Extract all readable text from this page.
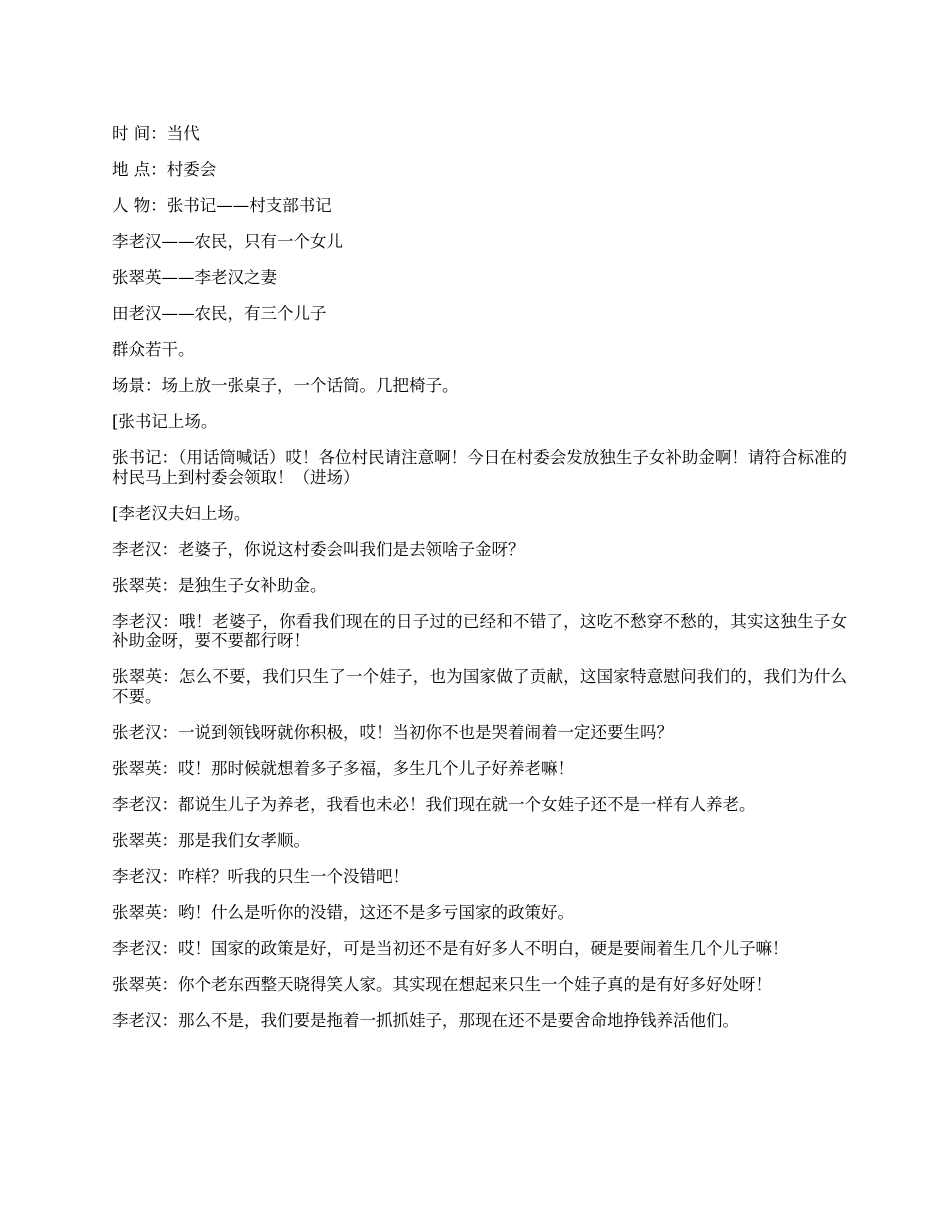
时 间：当代

地 点：村委会

人 物：张书记——村支部书记

李老汉——农民，只有一个女儿

张翠英——李老汉之妻

田老汉——农民，有三个儿子

群众若干。

场景：场上放一张桌子，一个话筒。几把椅子。

[张书记上场。

张书记：（用话筒喊话）哎！各位村民请注意啊！今日在村委会发放独生子女补助金啊！请符合标准的村民马上到村委会领取！（进场）

[李老汉夫妇上场。

李老汉：老婆子，你说这村委会叫我们是去领啥子金呀？

张翠英：是独生子女补助金。

李老汉：哦！老婆子，你看我们现在的日子过的已经和不错了，这吃不愁穿不愁的，其实这独生子女补助金呀，要不要都行呀！

张翠英：怎么不要，我们只生了一个娃子，也为国家做了贡献，这国家特意慰问我们的，我们为什么不要。

张老汉：一说到领钱呀就你积极，哎！当初你不也是哭着闹着一定还要生吗？

张翠英：哎！那时候就想着多子多福，多生几个儿子好养老嘛！

李老汉：都说生儿子为养老，我看也未必！我们现在就一个女娃子还不是一样有人养老。

张翠英：那是我们女孝顺。

李老汉：咋样？听我的只生一个没错吧！

张翠英：哟！什么是听你的没错，这还不是多亏国家的政策好。

李老汉：哎！国家的政策是好，可是当初还不是有好多人不明白，硬是要闹着生几个儿子嘛！

张翠英：你个老东西整天晓得笑人家。其实现在想起来只生一个娃子真的是有好多好处呀！

李老汉：那么不是，我们要是拖着一抓抓娃子，那现在还不是要舍命地挣钱养活他们。
